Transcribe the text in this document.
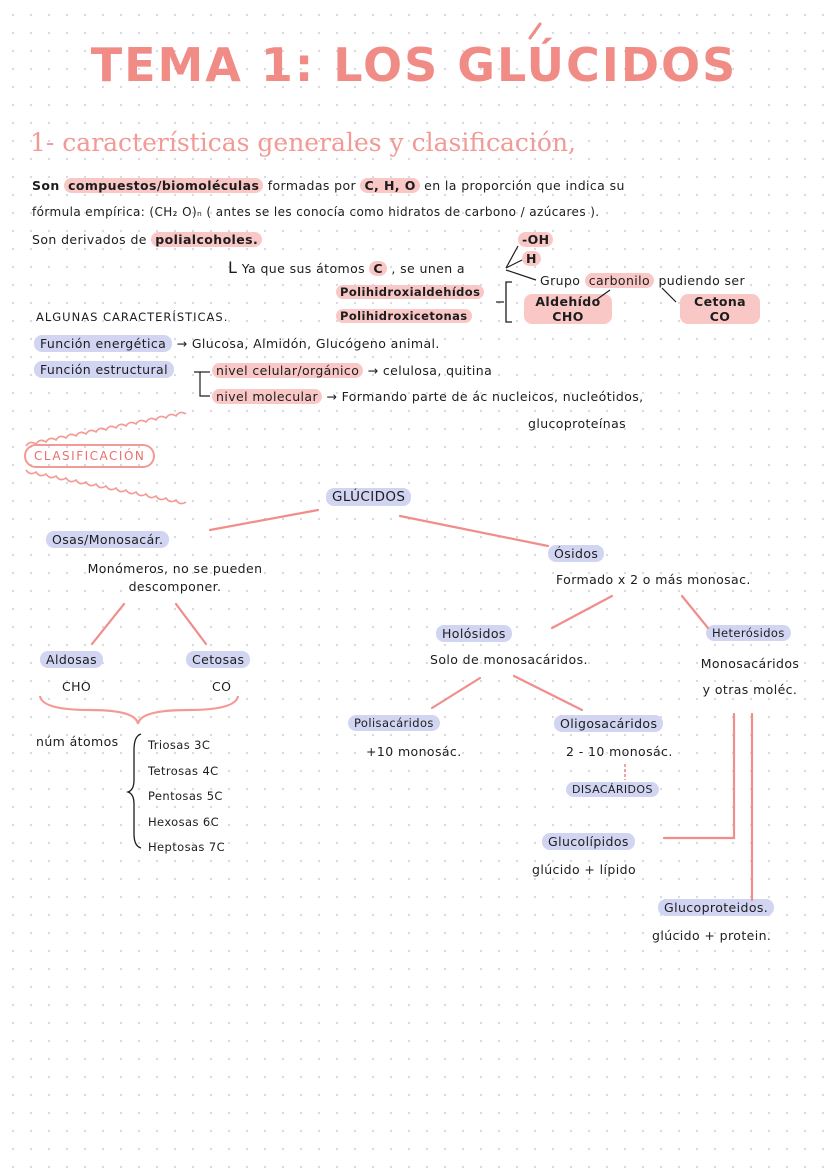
TEMA 1: LOS GLÚCIDOS
1- características generales y clasificación,
Son compuestos/biomoléculas formadas por C, H, O en la proporción que indica su
fórmula empírica: (CH₂ O)ₙ ( antes se les conocía como hidratos de carbono / azúcares ).
Son derivados de polialcoholes.
L Ya que sus átomos C , se unen a
-OH
H
Grupo carbonilo pudiendo ser
Polihidroxialdehídos
Polihidroxicetonas
Aldehído
CHO
Cetona
CO
ALGUNAS CARACTERÍSTICAS.
Función energética → Glucosa, Almidón, Glucógeno animal.
Función estructural	nivel celular/orgánico → celulosa, quitina
nivel molecular → Formando parte de ác nucleicos, nucleótidos,
glucoproteínas
CLASIFICACIÓN
GLÚCIDOS
Osas/Monosacár.
Monómeros, no se pueden
descomponer.
Aldosas
CHO
Cetosas
CO
núm átomos	Triosas 3C
Tetrosas 4C
Pentosas 5C
Hexosas 6C
Heptosas 7C
Ósidos
Formado x 2 o más monosac.
Holósidos
Solo de monosacáridos.
Heterósidos
Monosacáridos
y otras moléc.
Polisacáridos
+10 monosác.
Oligosacáridos
2 - 10 monosác.
DISACÁRIDOS
Glucolípidos
glúcido + lípido
Glucoproteidos.
glúcido + protein.
